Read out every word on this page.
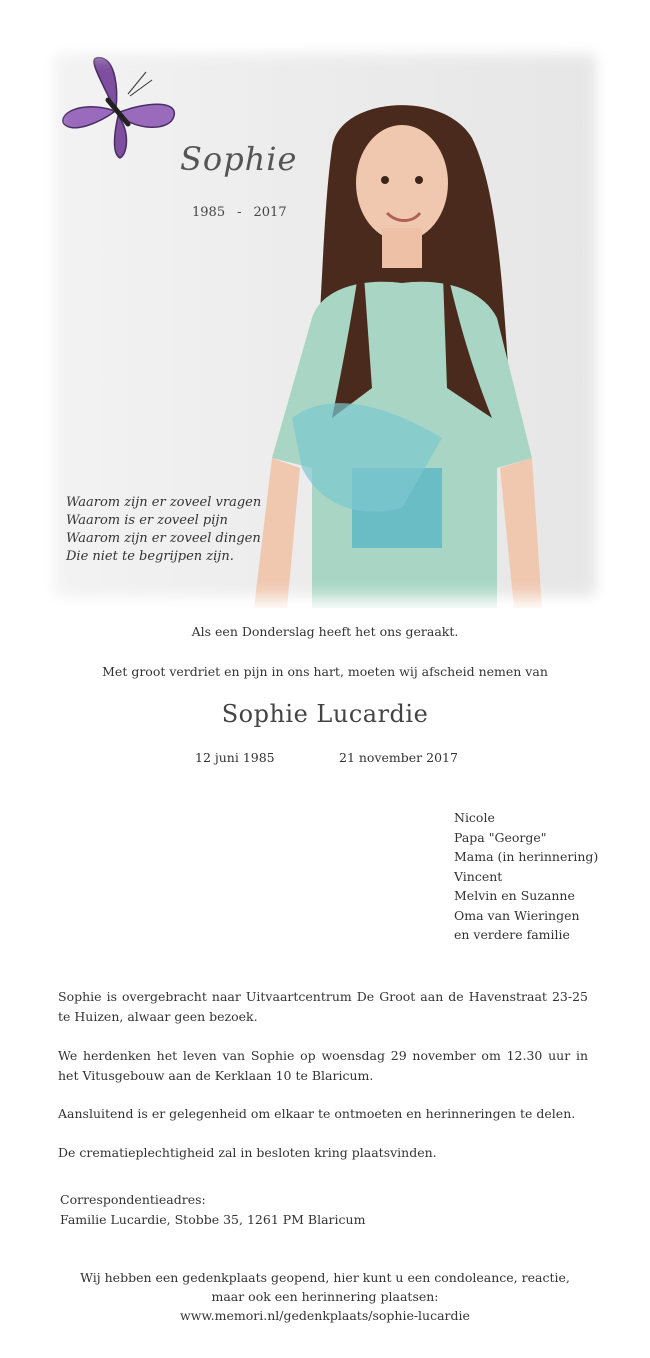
Sophie
1985 - 2017
Waarom zijn er zoveel vragen
Waarom is er zoveel pijn
Waarom zijn er zoveel dingen
Die niet te begrijpen zijn.
Als een Donderslag heeft het ons geraakt.
Met groot verdriet en pijn in ons hart, moeten wij afscheid nemen van
Sophie Lucardie
12 juni 1985	21 november 2017
Nicole
Papa "George"
Mama (in herinnering)
Vincent
Melvin en Suzanne
Oma van Wieringen
en verdere familie
Sophie is overgebracht naar Uitvaartcentrum De Groot aan de Havenstraat 23-25 te Huizen, alwaar geen bezoek.
We herdenken het leven van Sophie op woensdag 29 november om 12.30 uur in het Vitusgebouw aan de Kerklaan 10 te Blaricum.
Aansluitend is er gelegenheid om elkaar te ontmoeten en herinneringen te delen.
De crematieplechtigheid zal in besloten kring plaatsvinden.
Correspondentieadres:
Familie Lucardie, Stobbe 35, 1261 PM Blaricum
Wij hebben een gedenkplaats geopend, hier kunt u een condoleance, reactie,
maar ook een herinnering plaatsen:
www.memori.nl/gedenkplaats/sophie-lucardie
